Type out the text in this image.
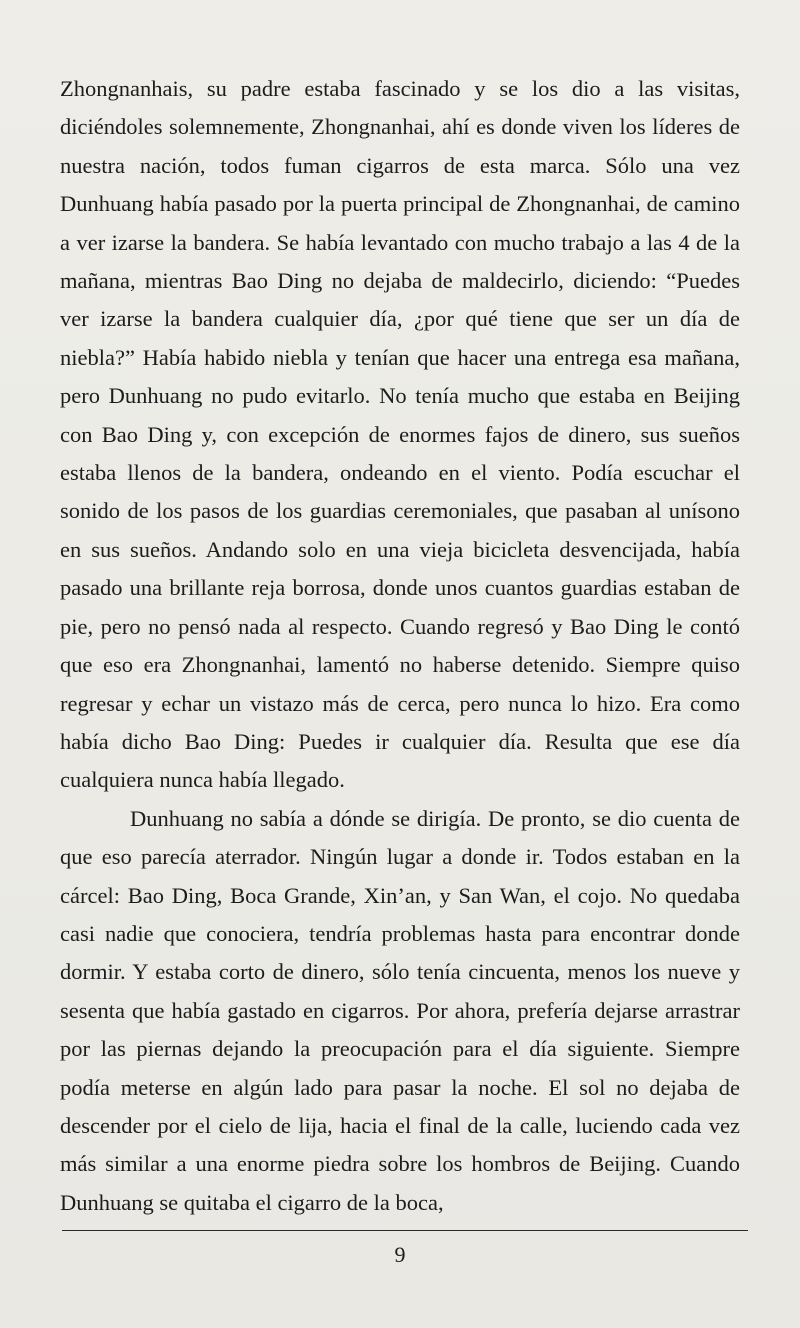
Zhongnanhais, su padre estaba fascinado y se los dio a las visitas, diciéndoles solemnemente, Zhongnanhai, ahí es donde viven los líderes de nuestra nación, todos fuman cigarros de esta marca. Sólo una vez Dunhuang había pasado por la puerta principal de Zhongnanhai, de camino a ver izarse la bandera. Se había levantado con mucho trabajo a las 4 de la mañana, mientras Bao Ding no dejaba de maldecirlo, diciendo: “Puedes ver izarse la bandera cualquier día, ¿por qué tiene que ser un día de niebla?” Había habido niebla y tenían que hacer una entrega esa mañana, pero Dunhuang no pudo evitarlo. No tenía mucho que estaba en Beijing con Bao Ding y, con excepción de enormes fajos de dinero, sus sueños estaba llenos de la bandera, ondeando en el viento. Podía escuchar el sonido de los pasos de los guardias ceremoniales, que pasaban al unísono en sus sueños. Andando solo en una vieja bicicleta desvencijada, había pasado una brillante reja borrosa, donde unos cuantos guardias estaban de pie, pero no pensó nada al respecto. Cuando regresó y Bao Ding le contó que eso era Zhongnanhai, lamentó no haberse detenido. Siempre quiso regresar y echar un vistazo más de cerca, pero nunca lo hizo. Era como había dicho Bao Ding: Puedes ir cualquier día. Resulta que ese día cualquiera nunca había llegado.

Dunhuang no sabía a dónde se dirigía. De pronto, se dio cuenta de que eso parecía aterrador. Ningún lugar a donde ir. Todos estaban en la cárcel: Bao Ding, Boca Grande, Xin’an, y San Wan, el cojo. No quedaba casi nadie que conociera, tendría problemas hasta para encontrar donde dormir. Y estaba corto de dinero, sólo tenía cincuenta, menos los nueve y sesenta que había gastado en cigarros. Por ahora, prefería dejarse arrastrar por las piernas dejando la preocupación para el día siguiente. Siempre podía meterse en algún lado para pasar la noche. El sol no dejaba de descender por el cielo de lija, hacia el final de la calle, luciendo cada vez más similar a una enorme piedra sobre los hombros de Beijing. Cuando Dunhuang se quitaba el cigarro de la boca,

9
